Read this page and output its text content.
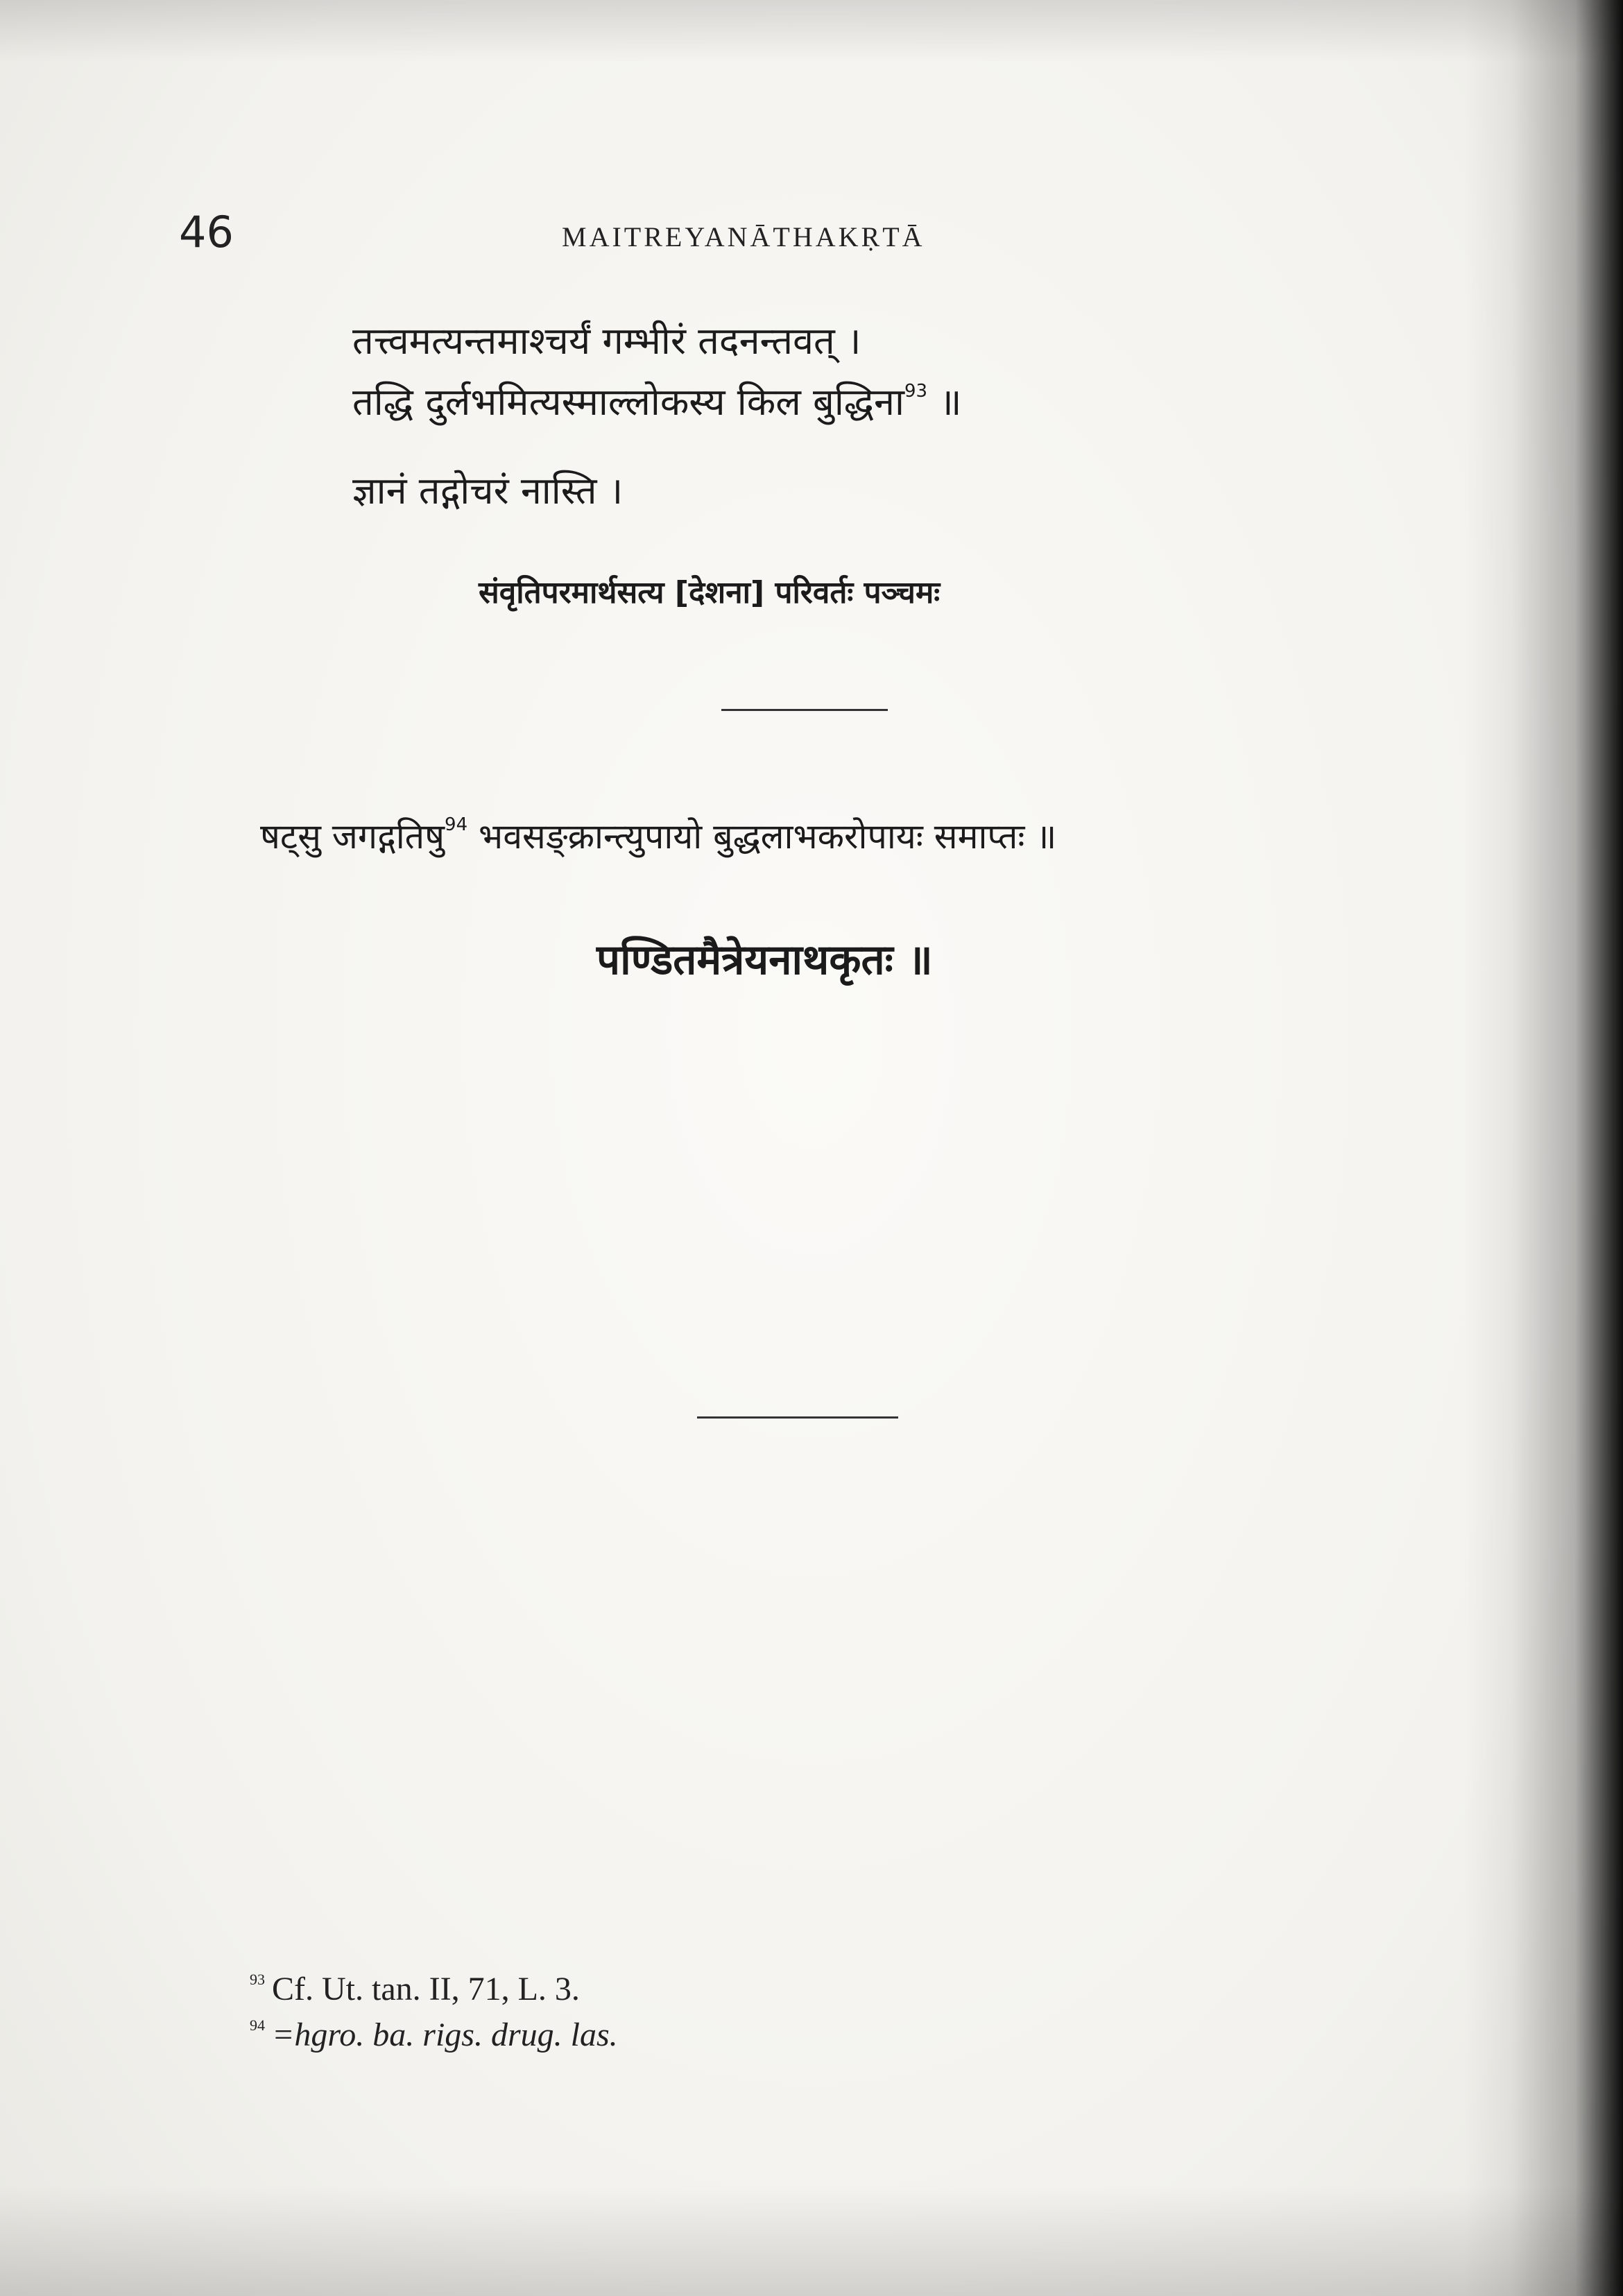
46	MAITREYANĀTHAKṚTĀ
तत्त्वमत्यन्तमाश्चर्यं गम्भीरं तदनन्तवत् ।
तद्धि दुर्लभमित्यस्माल्लोकस्य किल बुद्धिना$^{93}$ ॥
ज्ञानं तद्गोचरं नास्ति ।
संवृतिपरमार्थसत्य [देशना] परिवर्तः पञ्चमः
षट्सु जगद्गतिषु$^{94}$ भवसङ्क्रान्त्युपायो बुद्धलाभकरोपायः समाप्तः ॥
पण्डितमैत्रेयनाथकृतः ॥
$^{93}$ Cf. Ut. tan. II, 71, L. 3.
$^{94}$ =hgro. ba. rigs. drug. las.
